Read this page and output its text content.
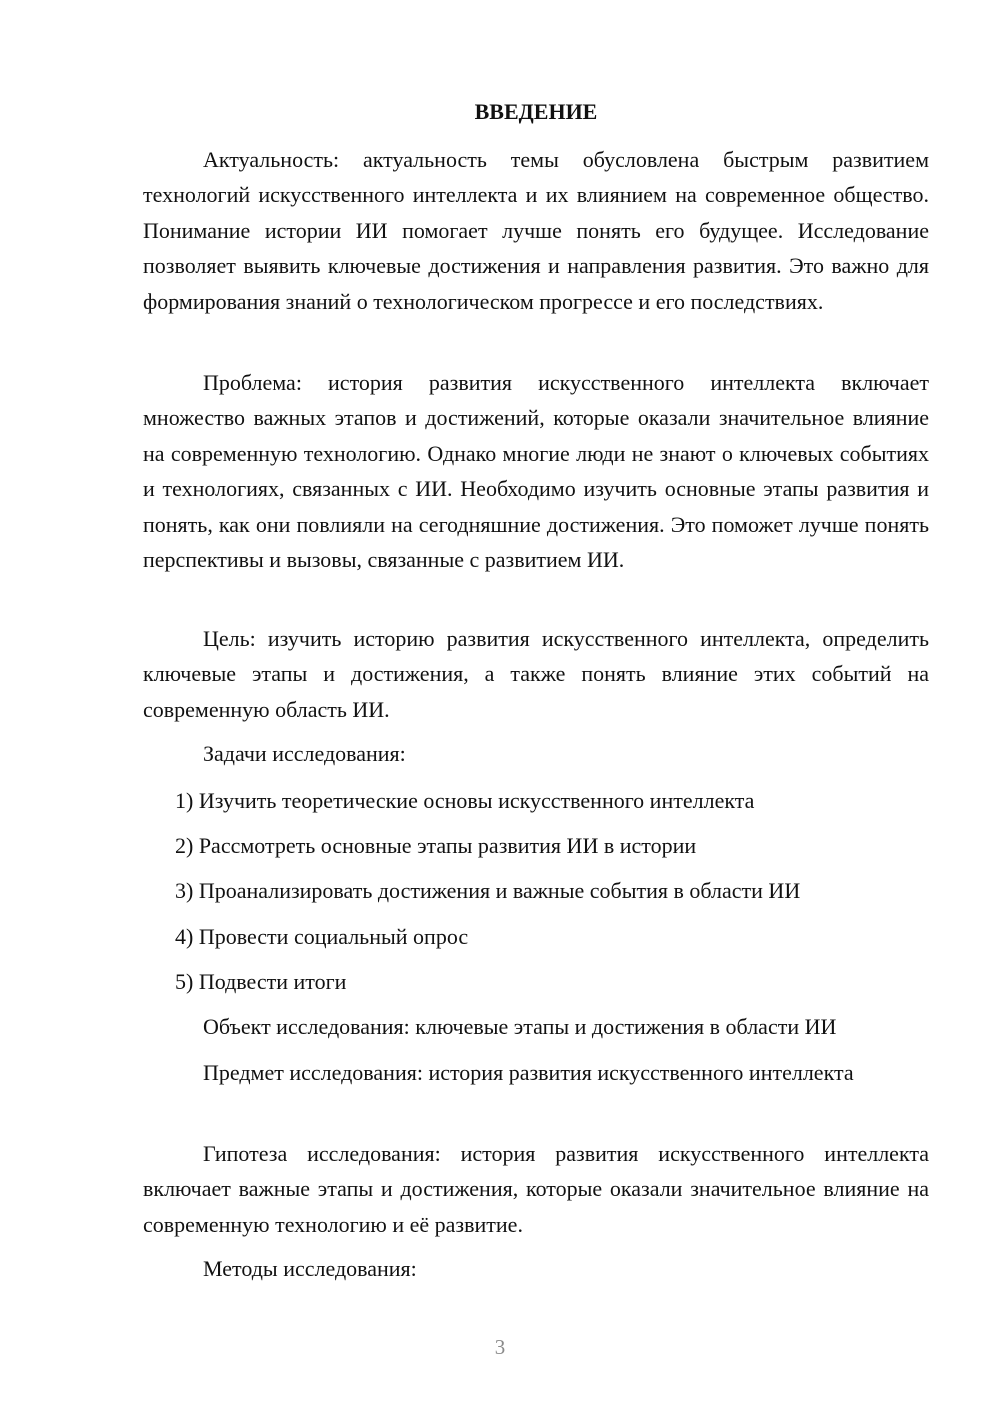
ВВЕДЕНИЕ

Актуальность: актуальность темы обусловлена быстрым развитием технологий искусственного интеллекта и их влиянием на современное общество. Понимание истории ИИ помогает лучше понять его будущее. Исследование позволяет выявить ключевые достижения и направления развития. Это важно для формирования знаний о технологическом прогрессе и его последствиях.

Проблема: история развития искусственного интеллекта включает множество важных этапов и достижений, которые оказали значительное влияние на современную технологию. Однако многие люди не знают о ключевых событиях и технологиях, связанных с ИИ. Необходимо изучить основные этапы развития и понять, как они повлияли на сегодняшние достижения. Это поможет лучше понять перспективы и вызовы, связанные с развитием ИИ.

Цель: изучить историю развития искусственного интеллекта, определить ключевые этапы и достижения, а также понять влияние этих событий на современную область ИИ.

Задачи исследования:

1) Изучить теоретические основы искусственного интеллекта

2) Рассмотреть основные этапы развития ИИ в истории

3) Проанализировать достижения и важные события в области ИИ

4) Провести социальный опрос

5) Подвести итоги

Объект исследования: ключевые этапы и достижения в области ИИ

Предмет исследования: история развития искусственного интеллекта

Гипотеза исследования: история развития искусственного интеллекта включает важные этапы и достижения, которые оказали значительное влияние на современную технологию и её развитие.

Методы исследования:

3
